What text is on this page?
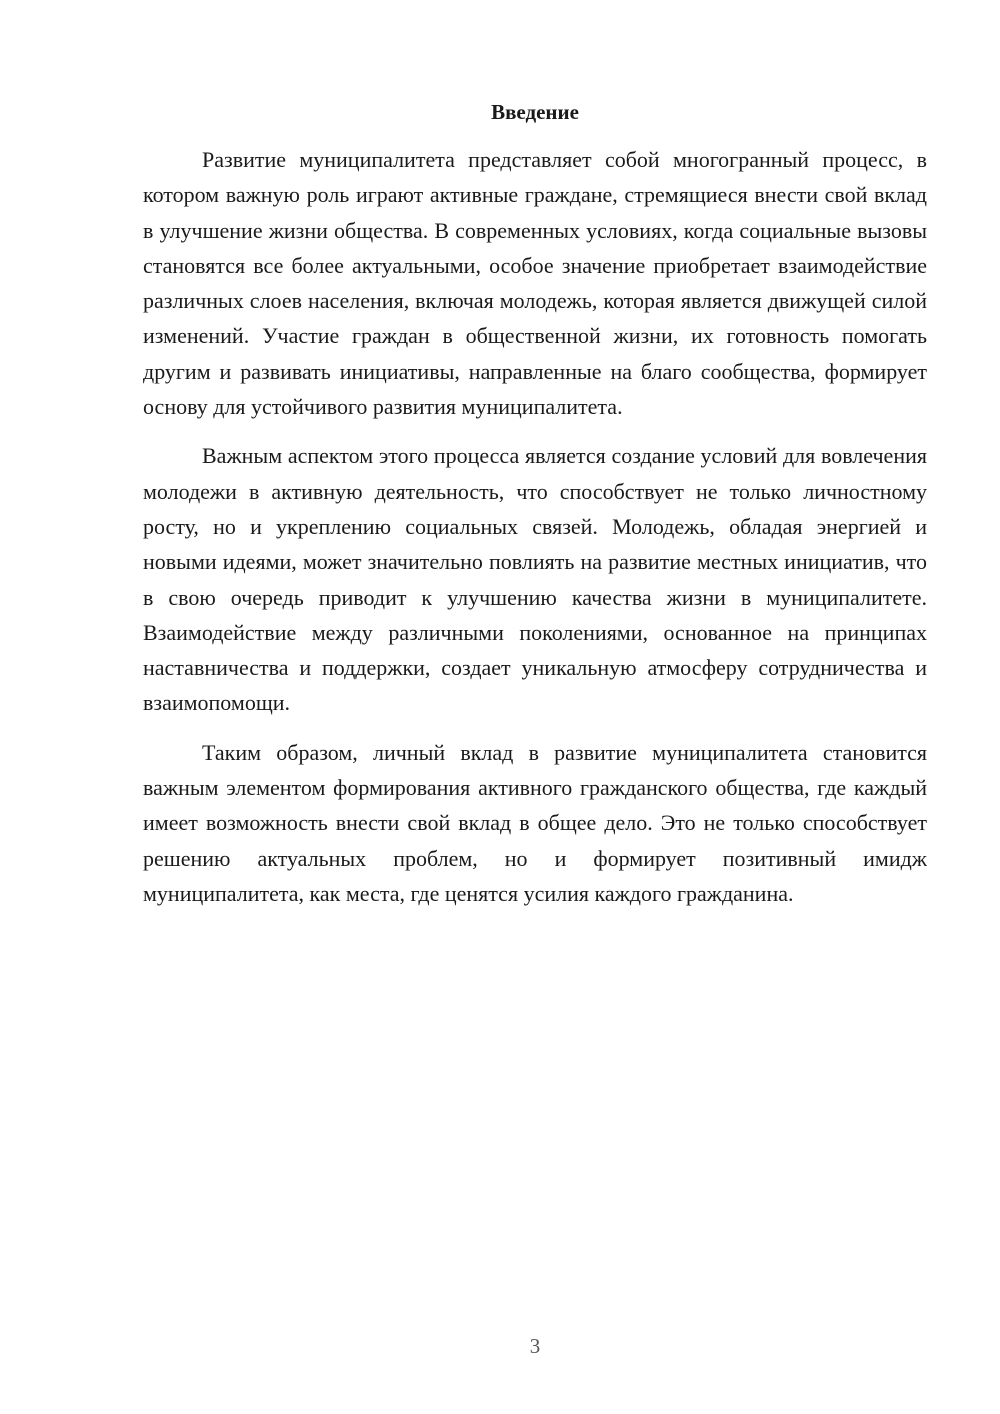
Введение

Развитие муниципалитета представляет собой многогранный процесс, в котором важную роль играют активные граждане, стремящиеся внести свой вклад в улучшение жизни общества. В современных условиях, когда социальные вызовы становятся все более актуальными, особое значение приобретает взаимодействие различных слоев населения, включая молодежь, которая является движущей силой изменений. Участие граждан в общественной жизни, их готовность помогать другим и развивать инициативы, направленные на благо сообщества, формирует основу для устойчивого развития муниципалитета.

Важным аспектом этого процесса является создание условий для вовлечения молодежи в активную деятельность, что способствует не только личностному росту, но и укреплению социальных связей. Молодежь, обладая энергией и новыми идеями, может значительно повлиять на развитие местных инициатив, что в свою очередь приводит к улучшению качества жизни в муниципалитете. Взаимодействие между различными поколениями, основанное на принципах наставничества и поддержки, создает уникальную атмосферу сотрудничества и взаимопомощи.

Таким образом, личный вклад в развитие муниципалитета становится важным элементом формирования активного гражданского общества, где каждый имеет возможность внести свой вклад в общее дело. Это не только способствует решению актуальных проблем, но и формирует позитивный имидж муниципалитета, как места, где ценятся усилия каждого гражданина.

3
